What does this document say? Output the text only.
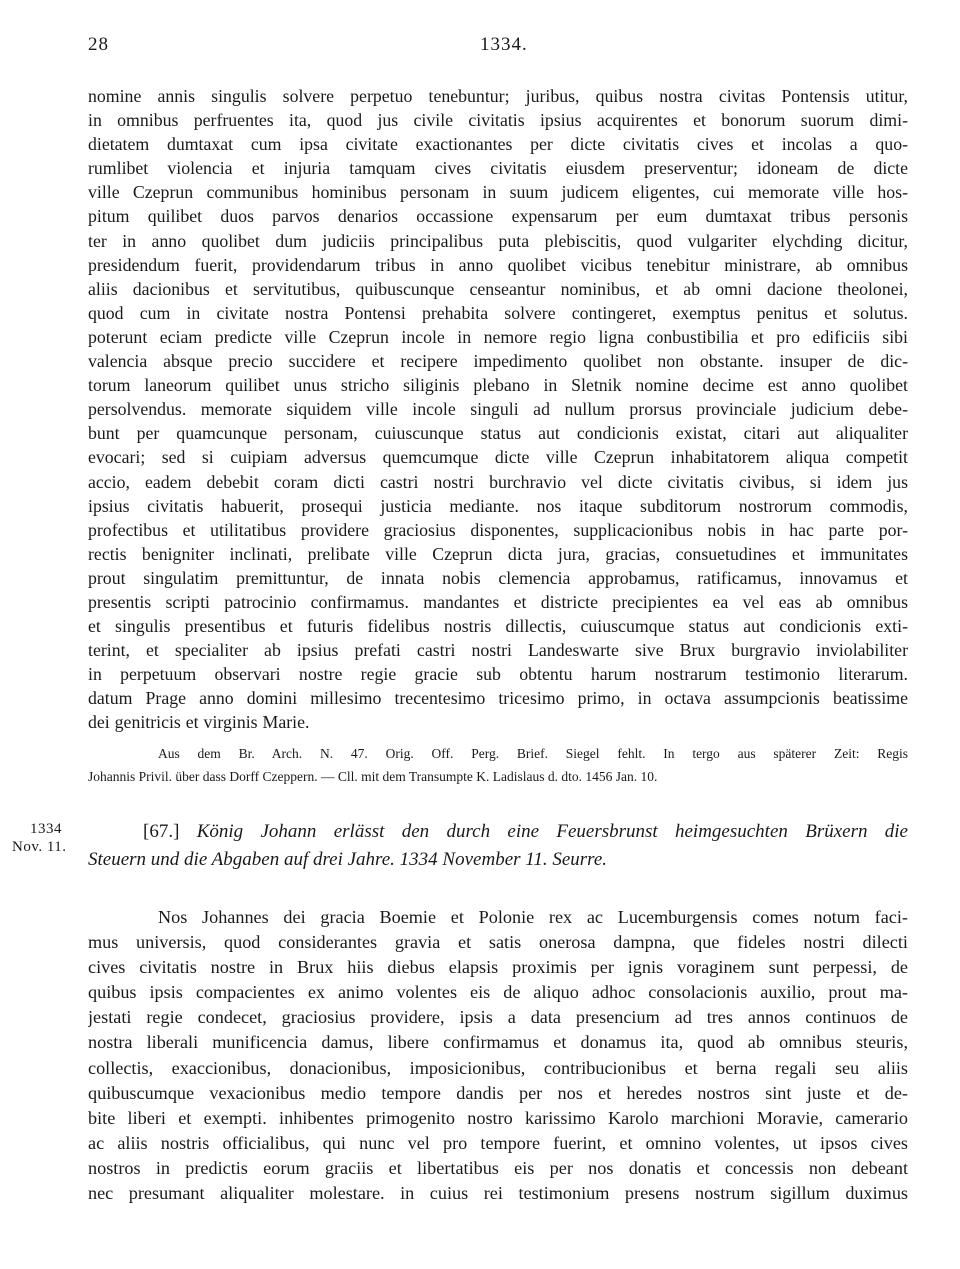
28	1334.
nomine annis singulis solvere perpetuo tenebuntur; juribus, quibus nostra civitas Pontensis utitur,
in omnibus perfruentes ita, quod jus civile civitatis ipsius acquirentes et bonorum suorum dimi-
dietatem dumtaxat cum ipsa civitate exactionantes per dicte civitatis cives et incolas a quo-
rumlibet violencia et injuria tamquam cives civitatis eiusdem preserventur; idoneam de dicte
ville Czeprun communibus hominibus personam in suum judicem eligentes, cui memorate ville hos-
pitum quilibet duos parvos denarios occassione expensarum per eum dumtaxat tribus personis
ter in anno quolibet dum judiciis principalibus puta plebiscitis, quod vulgariter elychding dicitur,
presidendum fuerit, providendarum tribus in anno quolibet vicibus tenebitur ministrare, ab omnibus
aliis dacionibus et servitutibus, quibuscunque censeantur nominibus, et ab omni dacione theolonei,
quod cum in civitate nostra Pontensi prehabita solvere contingeret, exemptus penitus et solutus.
poterunt eciam predicte ville Czeprun incole in nemore regio ligna conbustibilia et pro edificiis sibi
valencia absque precio succidere et recipere impedimento quolibet non obstante. insuper de dic-
torum laneorum quilibet unus stricho siliginis plebano in Sletnik nomine decime est anno quolibet
persolvendus. memorate siquidem ville incole singuli ad nullum prorsus provinciale judicium debe-
bunt per quamcunque personam, cuiuscunque status aut condicionis existat, citari aut aliqualiter
evocari; sed si cuipiam adversus quemcumque dicte ville Czeprun inhabitatorem aliqua competit
accio, eadem debebit coram dicti castri nostri burchravio vel dicte civitatis civibus, si idem jus
ipsius civitatis habuerit, prosequi justicia mediante. nos itaque subditorum nostrorum commodis,
profectibus et utilitatibus providere graciosius disponentes, supplicacionibus nobis in hac parte por-
rectis benigniter inclinati, prelibate ville Czeprun dicta jura, gracias, consuetudines et immunitates
prout singulatim premittuntur, de innata nobis clemencia approbamus, ratificamus, innovamus et
presentis scripti patrocinio confirmamus. mandantes et districte precipientes ea vel eas ab omnibus
et singulis presentibus et futuris fidelibus nostris dillectis, cuiuscumque status aut condicionis exti-
terint, et specialiter ab ipsius prefati castri nostri Landeswarte sive Brux burgravio inviolabiliter
in perpetuum observari nostre regie gracie sub obtentu harum nostrarum testimonio literarum.
datum Prage anno domini millesimo trecentesimo tricesimo primo, in octava assumpcionis beatissime
dei genitricis et virginis Marie.
Aus dem Br. Arch. N. 47. Orig. Off. Perg. Brief. Siegel fehlt. In tergo aus späterer Zeit: Regis
Johannis Privil. über dass Dorff Czeppern. — Cll. mit dem Transumpte K. Ladislaus d. dto. 1456 Jan. 10.
1334
Nov. 11.
[67.] König Johann erlässt den durch eine Feuersbrunst heimgesuchten Brüxern die
Steuern und die Abgaben auf drei Jahre. 1334 November 11. Seurre.
Nos Johannes dei gracia Boemie et Polonie rex ac Lucemburgensis comes notum faci-
mus universis, quod considerantes gravia et satis onerosa dampna, que fideles nostri dilecti
cives civitatis nostre in Brux hiis diebus elapsis proximis per ignis voraginem sunt perpessi, de
quibus ipsis compacientes ex animo volentes eis de aliquo adhoc consolacionis auxilio, prout ma-
jestati regie condecet, graciosius providere, ipsis a data presencium ad tres annos continuos de
nostra liberali munificencia damus, libere confirmamus et donamus ita, quod ab omnibus steuris,
collectis, exaccionibus, donacionibus, imposicionibus, contribucionibus et berna regali seu aliis
quibuscumque vexacionibus medio tempore dandis per nos et heredes nostros sint juste et de-
bite liberi et exempti. inhibentes primogenito nostro karissimo Karolo marchioni Moravie, camerario
ac aliis nostris officialibus, qui nunc vel pro tempore fuerint, et omnino volentes, ut ipsos cives
nostros in predictis eorum graciis et libertatibus eis per nos donatis et concessis non debeant
nec presumant aliqualiter molestare. in cuius rei testimonium presens nostrum sigillum duximus
